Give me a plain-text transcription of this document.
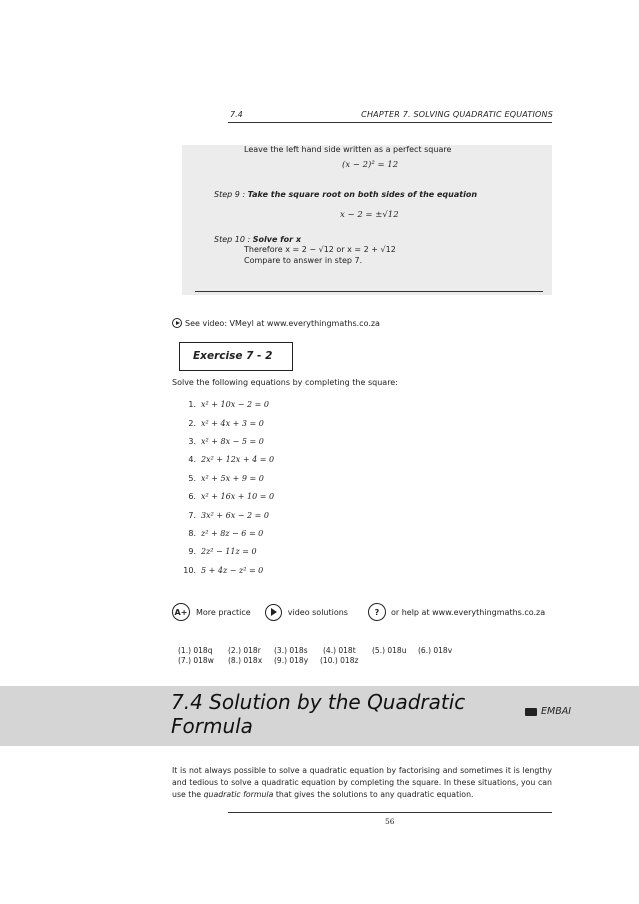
7.4	CHAPTER 7. SOLVING QUADRATIC EQUATIONS
Leave the left hand side written as a perfect square
(x − 2)² = 12
Step 9 : Take the square root on both sides of the equation
x − 2 = ±√12
Step 10 : Solve for x
Therefore x = 2 − √12 or x = 2 + √12
Compare to answer in step 7.
See video: VMeyl at www.everythingmaths.co.za
Exercise 7 - 2
Solve the following equations by completing the square:
1. x² + 10x − 2 = 0
2. x² + 4x + 3 = 0
3. x² + 8x − 5 = 0
4. 2x² + 12x + 4 = 0
5. x² + 5x + 9 = 0
6. x² + 16x + 10 = 0
7. 3x² + 6x − 2 = 0
8. z² + 8z − 6 = 0
9. 2z² − 11z = 0
10. 5 + 4z − z² = 0
A+	More practice	video solutions	?	or help at www.everythingmaths.co.za
(1.) 018q (2.) 018r (3.) 018s (4.) 018t (5.) 018u (6.) 018v
(7.) 018w (8.) 018x (9.) 018y (10.) 018z
7.4 Solution by the Quadratic Formula
EMBAI
It is not always possible to solve a quadratic equation by factorising and sometimes it is lengthy and tedious to solve a quadratic equation by completing the square. In these situations, you can use the quadratic formula that gives the solutions to any quadratic equation.
56
